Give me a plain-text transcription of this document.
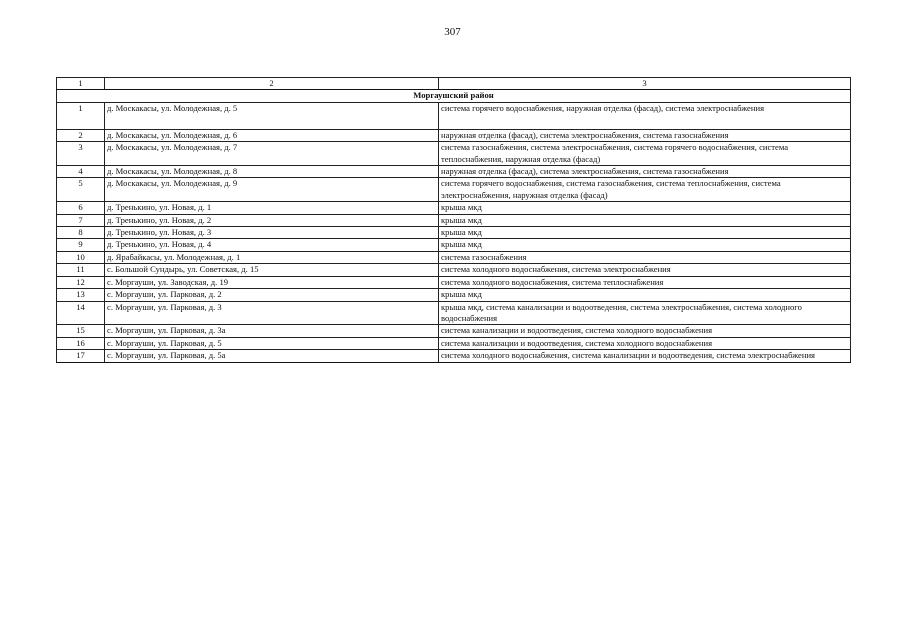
307
1	2	3
Моргаушский район		
1	д. Москакасы, ул. Молодежная, д. 5	система горячего водоснабжения, наружная отделка (фасад), система электроснабжения
2	д. Москакасы, ул. Молодежная, д. 6	наружная отделка (фасад), система электроснабжения, система газоснабжения
3	д. Москакасы, ул. Молодежная, д. 7	система газоснабжения, система электроснабжения, система горячего водоснабжения, система теплоснабжения, наружная отделка (фасад)
4	д. Москакасы, ул. Молодежная, д. 8	наружная отделка (фасад), система электроснабжения, система газоснабжения
5	д. Москакасы, ул. Молодежная, д. 9	система горячего водоснабжения, система газоснабжения, система теплоснабжения, система электроснабжения, наружная отделка (фасад)
6	д. Тренькино, ул. Новая, д. 1	крыша мкд
7	д. Тренькино, ул. Новая, д. 2	крыша мкд
8	д. Тренькино, ул. Новая, д. 3	крыша мкд
9	д. Тренькино, ул. Новая, д. 4	крыша мкд
10	д. Ярабайкасы, ул. Молодежная, д. 1	система газоснабжения
11	с. Большой Сундырь, ул. Советская, д. 15	система холодного водоснабжения, система электроснабжения
12	с. Моргауши, ул. Заводская, д. 19	система холодного водоснабжения, система теплоснабжения
13	с. Моргауши, ул. Парковая, д. 2	крыша мкд
14	с. Моргауши, ул. Парковая, д. 3	крыша мкд, система канализации и водоотведения, система электроснабжения, система холодного водоснабжения
15	с. Моргауши, ул. Парковая, д. 3а	система канализации и водоотведения, система холодного водоснабжения
16	с. Моргауши, ул. Парковая, д. 5	система канализации и водоотведения, система холодного водоснабжения
17	с. Моргауши, ул. Парковая, д. 5а	система холодного водоснабжения, система канализации и водоотведения, система электроснабжения
